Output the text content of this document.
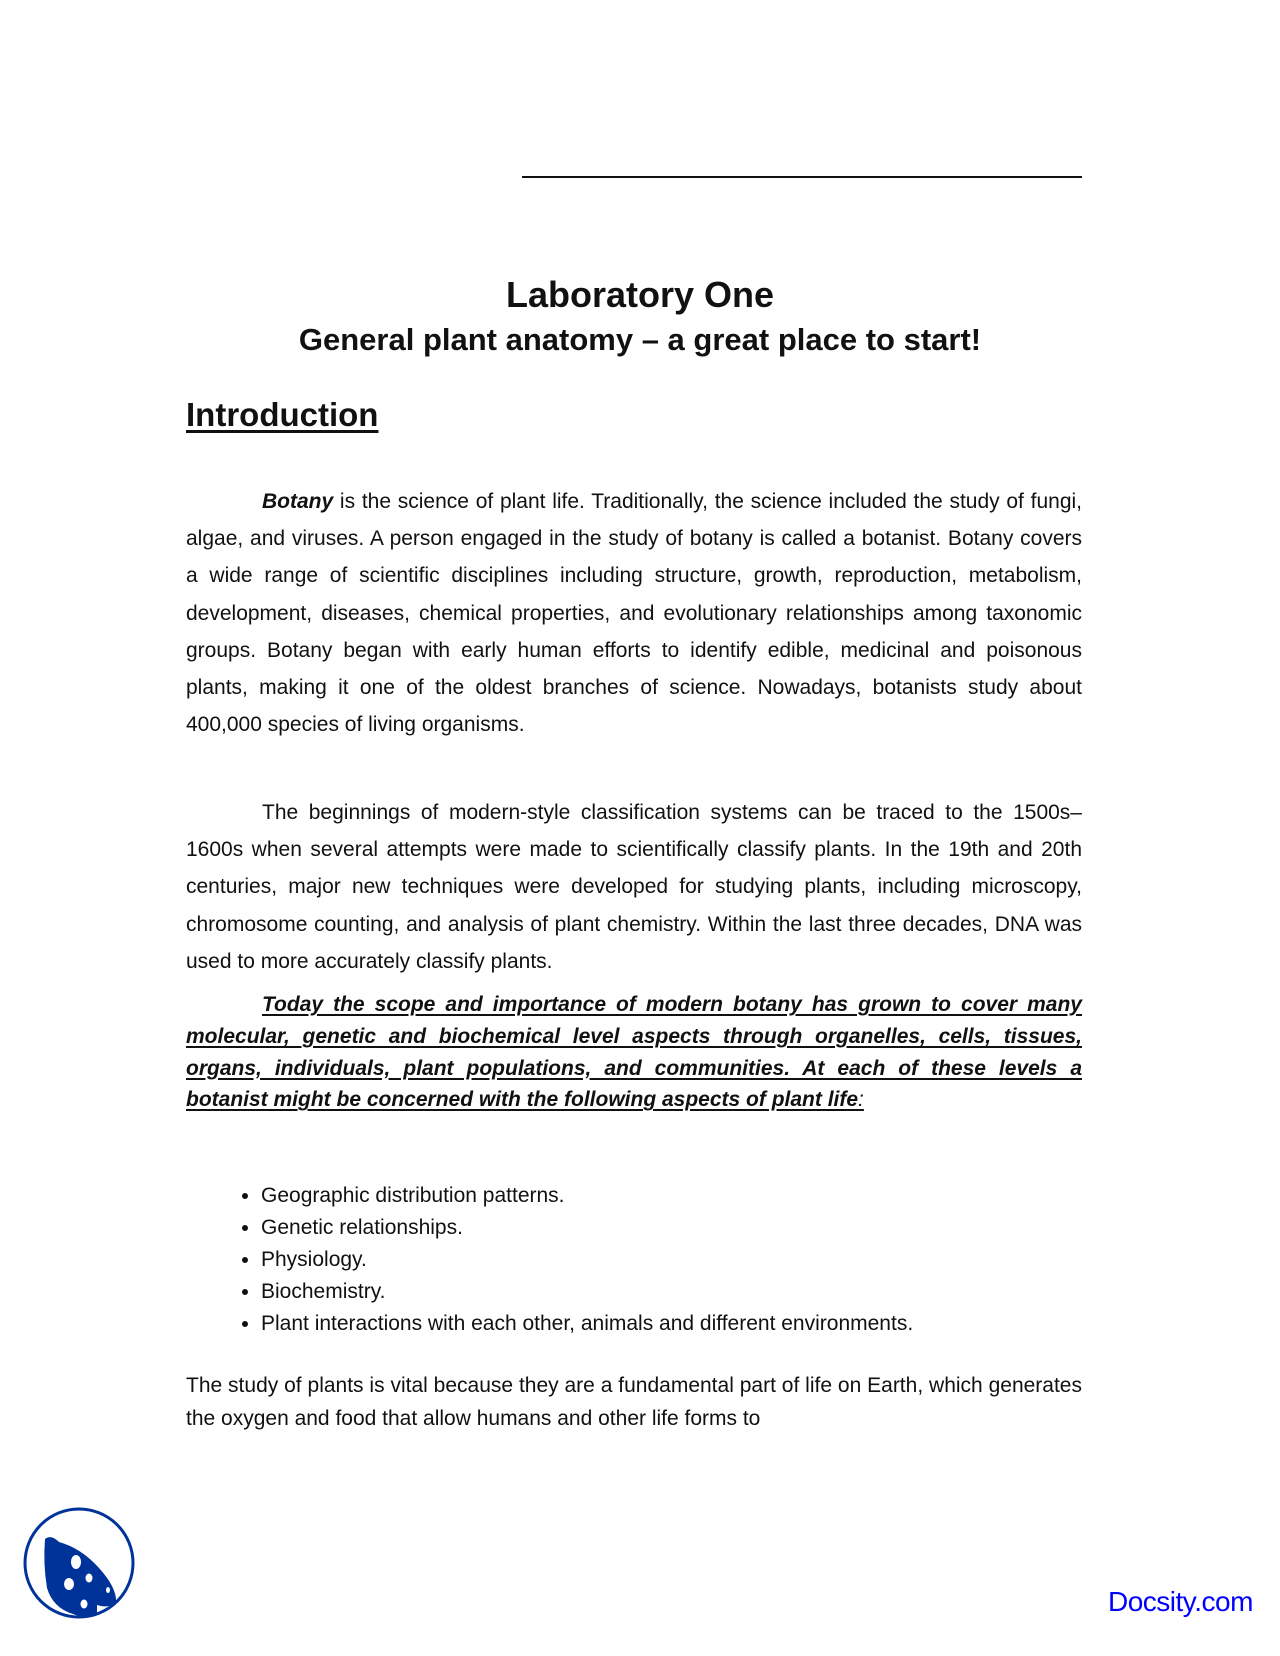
Laboratory One
General plant anatomy – a great place to start!
Introduction

Botany is the science of plant life. Traditionally, the science included the study of fungi, algae, and viruses. A person engaged in the study of botany is called a botanist. Botany covers a wide range of scientific disciplines including structure, growth, reproduction, metabolism, development, diseases, chemical properties, and evolutionary relationships among taxonomic groups. Botany began with early human efforts to identify edible, medicinal and poisonous plants, making it one of the oldest branches of science. Nowadays, botanists study about 400,000 species of living organisms.

The beginnings of modern-style classification systems can be traced to the 1500s–1600s when several attempts were made to scientifically classify plants. In the 19th and 20th centuries, major new techniques were developed for studying plants, including microscopy, chromosome counting, and analysis of plant chemistry. Within the last three decades, DNA was used to more accurately classify plants.

Today the scope and importance of modern botany has grown to cover many molecular, genetic and biochemical level aspects through organelles, cells, tissues, organs, individuals, plant populations, and communities. At each of these levels a botanist might be concerned with the following aspects of plant life:

• Geographic distribution patterns.
• Genetic relationships.
• Physiology.
• Biochemistry.
• Plant interactions with each other, animals and different environments.

The study of plants is vital because they are a fundamental part of life on Earth, which generates the oxygen and food that allow humans and other life forms to

Docsity.com
